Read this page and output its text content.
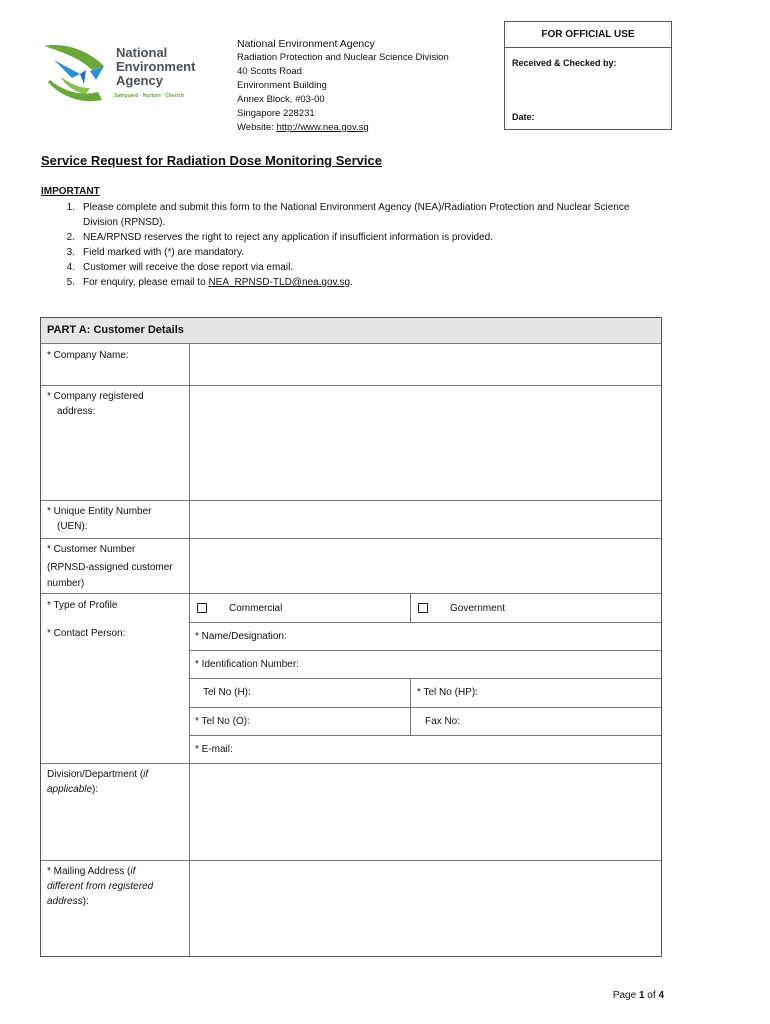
National
Environment
Agency
Safeguard · Nurture · Cherish
National Environment Agency
Radiation Protection and Nuclear Science Division
40 Scotts Road
Environment Building
Annex Block, #03-00
Singapore 228231
Website: http://www.nea.gov.sg
FOR OFFICIAL USE
Received & Checked by:
Date:
Service Request for Radiation Dose Monitoring Service
IMPORTANT
1. Please complete and submit this form to the National Environment Agency (NEA)/Radiation Protection and Nuclear Science Division (RPNSD).
2. NEA/RPNSD reserves the right to reject any application if insufficient information is provided.
3. Field marked with (*) are mandatory.
4. Customer will receive the dose report via email.
5. For enquiry, please email to NEA_RPNSD-TLD@nea.gov.sg.
PART A: Customer Details
* Company Name:
* Company registered
address:
* Unique Entity Number
(UEN):
* Customer Number
(RPNSD-assigned customer
number)
* Type of Profile	Commercial	Government
* Contact Person:	* Name/Designation:
* Identification Number:
Tel No (H):	* Tel No (HP):
* Tel No (O):	Fax No:
* E-mail:
Division/Department (if
applicable):
* Mailing Address (if
different from registered
address):
Page 1 of 4
